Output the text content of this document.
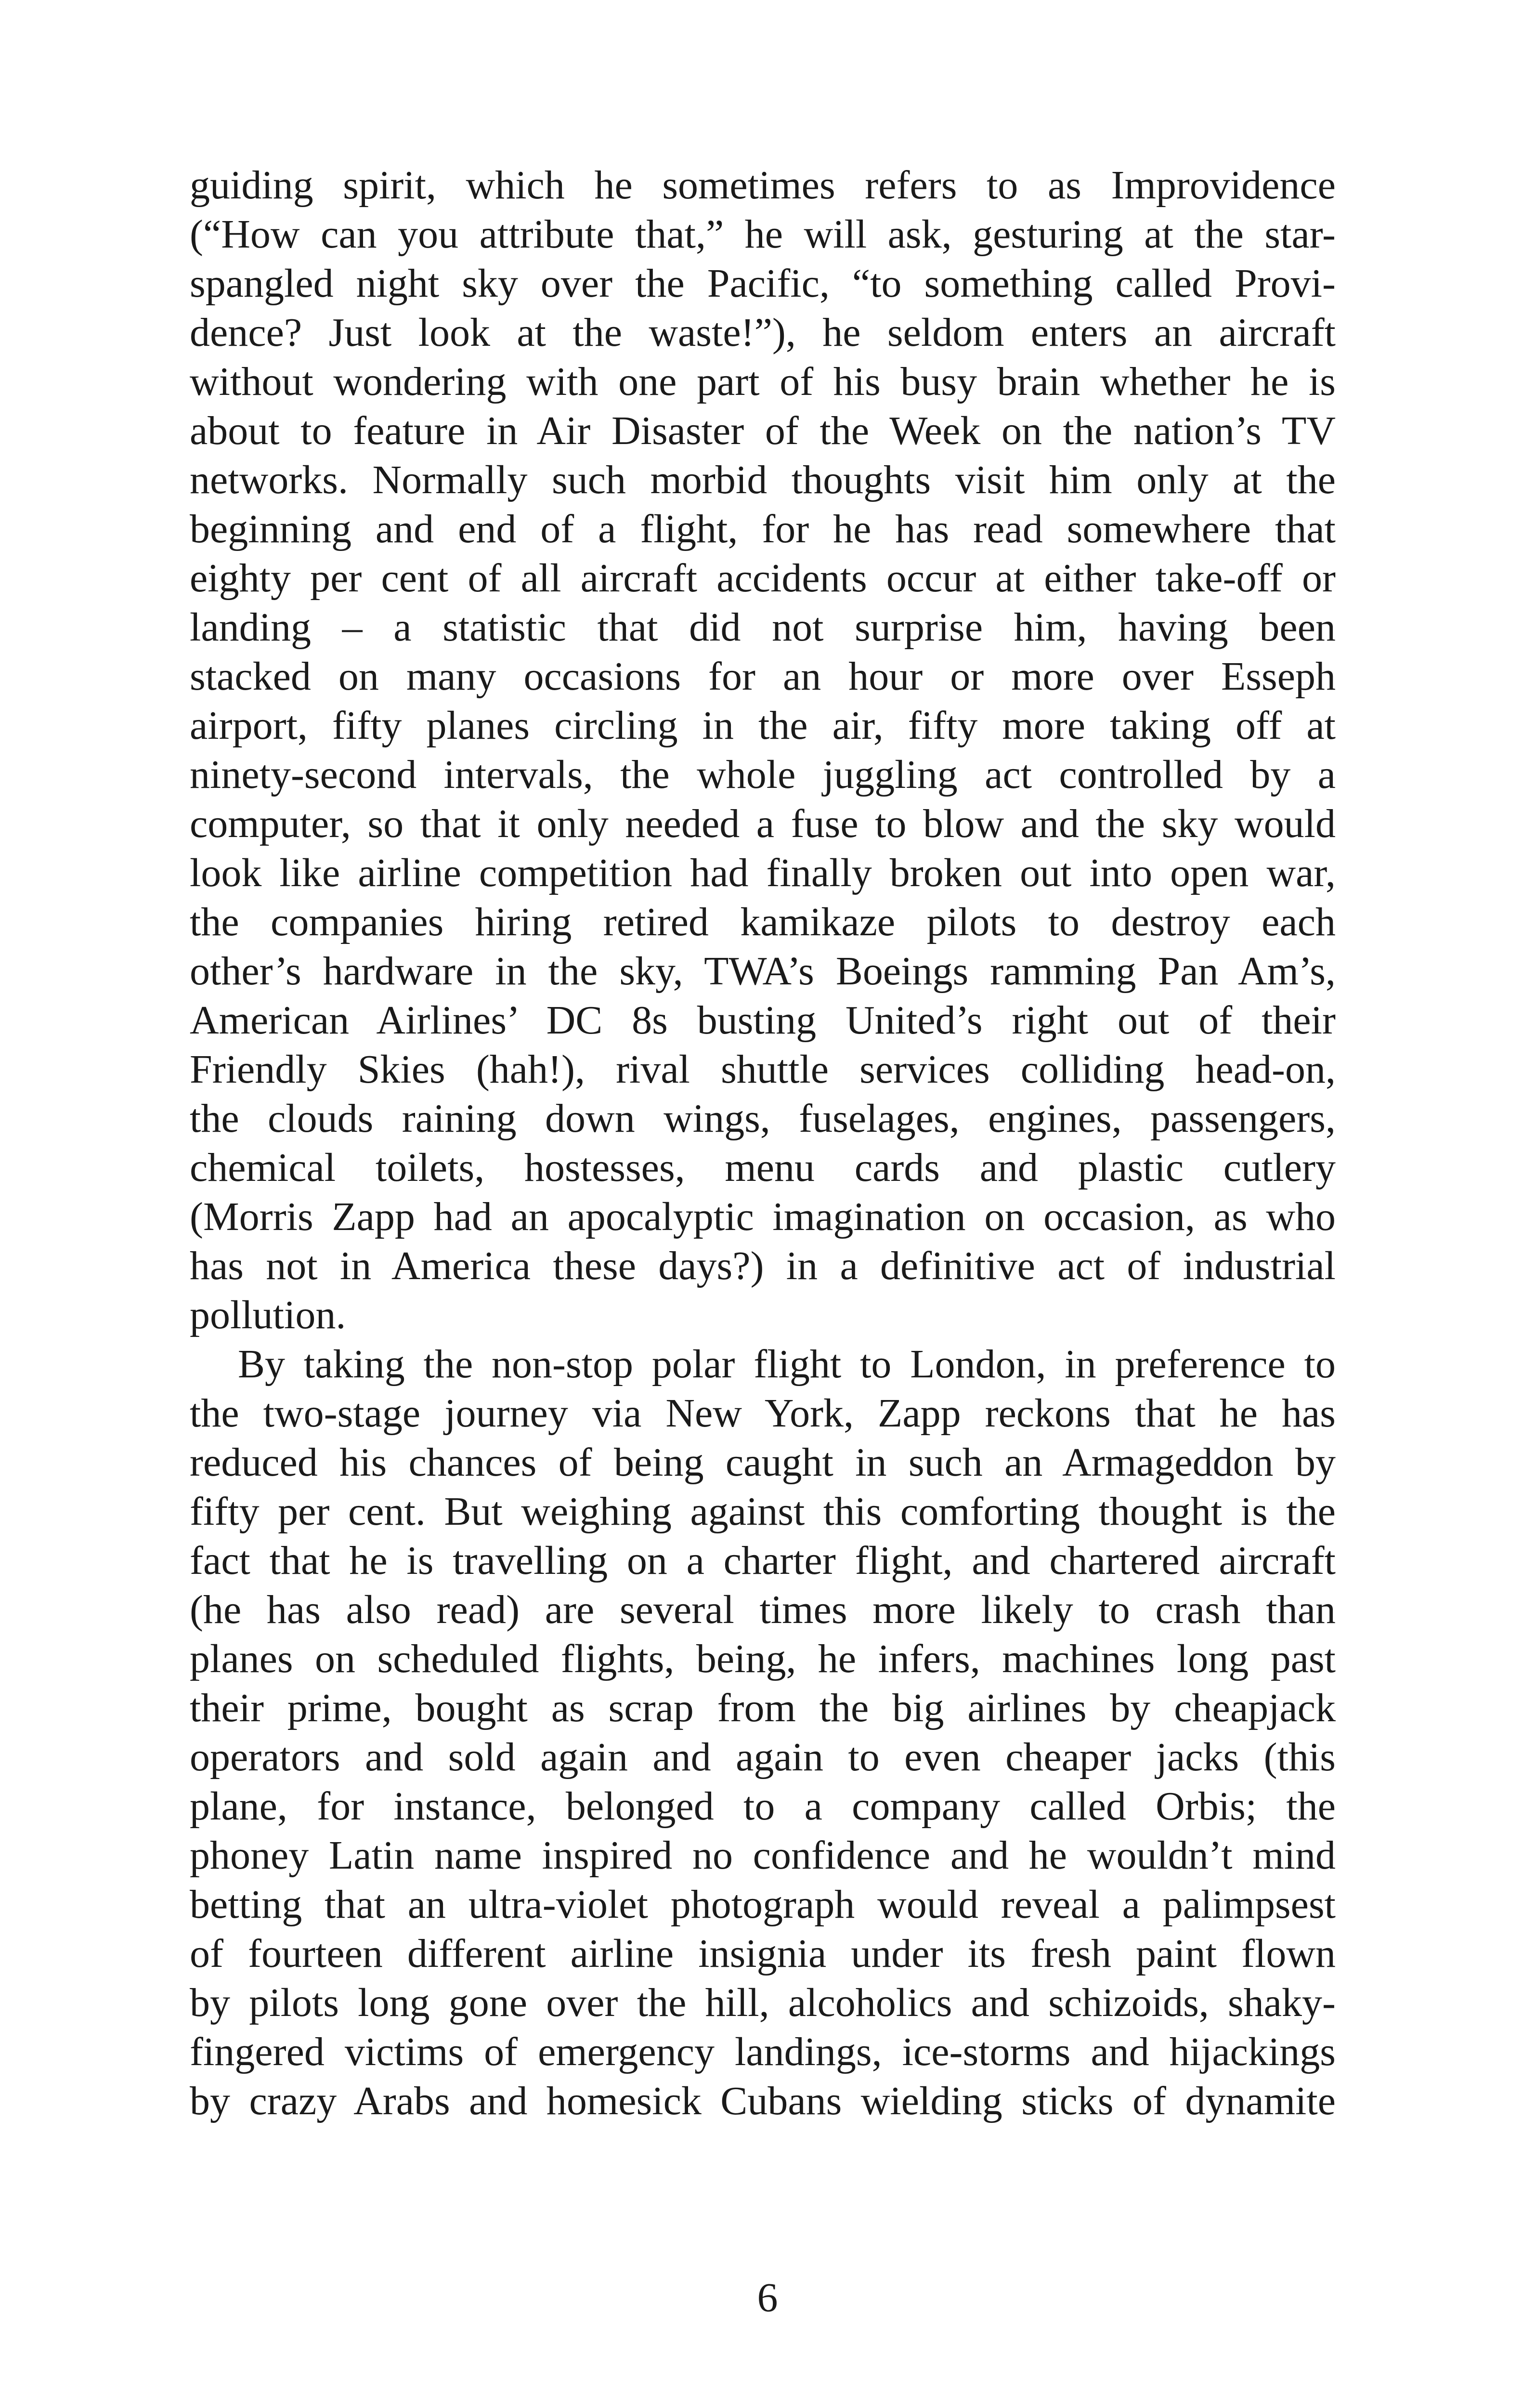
guiding spirit, which he sometimes refers to as Improvidence
(“How can you attribute that,” he will ask, gesturing at the star-
spangled night sky over the Pacific, “to something called Provi-
dence? Just look at the waste!”), he seldom enters an aircraft
without wondering with one part of his busy brain whether he is
about to feature in Air Disaster of the Week on the nation’s TV
networks. Normally such morbid thoughts visit him only at the
beginning and end of a flight, for he has read somewhere that
eighty per cent of all aircraft accidents occur at either take-off or
landing – a statistic that did not surprise him, having been
stacked on many occasions for an hour or more over Esseph
airport, fifty planes circling in the air, fifty more taking off at
ninety-second intervals, the whole juggling act controlled by a
computer, so that it only needed a fuse to blow and the sky would
look like airline competition had finally broken out into open war,
the companies hiring retired kamikaze pilots to destroy each
other’s hardware in the sky, TWA’s Boeings ramming Pan Am’s,
American Airlines’ DC 8s busting United’s right out of their
Friendly Skies (hah!), rival shuttle services colliding head-on,
the clouds raining down wings, fuselages, engines, passengers,
chemical toilets, hostesses, menu cards and plastic cutlery
(Morris Zapp had an apocalyptic imagination on occasion, as who
has not in America these days?) in a definitive act of industrial
pollution.
By taking the non-stop polar flight to London, in preference to
the two-stage journey via New York, Zapp reckons that he has
reduced his chances of being caught in such an Armageddon by
fifty per cent. But weighing against this comforting thought is the
fact that he is travelling on a charter flight, and chartered aircraft
(he has also read) are several times more likely to crash than
planes on scheduled flights, being, he infers, machines long past
their prime, bought as scrap from the big airlines by cheapjack
operators and sold again and again to even cheaper jacks (this
plane, for instance, belonged to a company called Orbis; the
phoney Latin name inspired no confidence and he wouldn’t mind
betting that an ultra-violet photograph would reveal a palimpsest
of fourteen different airline insignia under its fresh paint flown
by pilots long gone over the hill, alcoholics and schizoids, shaky-
fingered victims of emergency landings, ice-storms and hijackings
by crazy Arabs and homesick Cubans wielding sticks of dynamite
6
